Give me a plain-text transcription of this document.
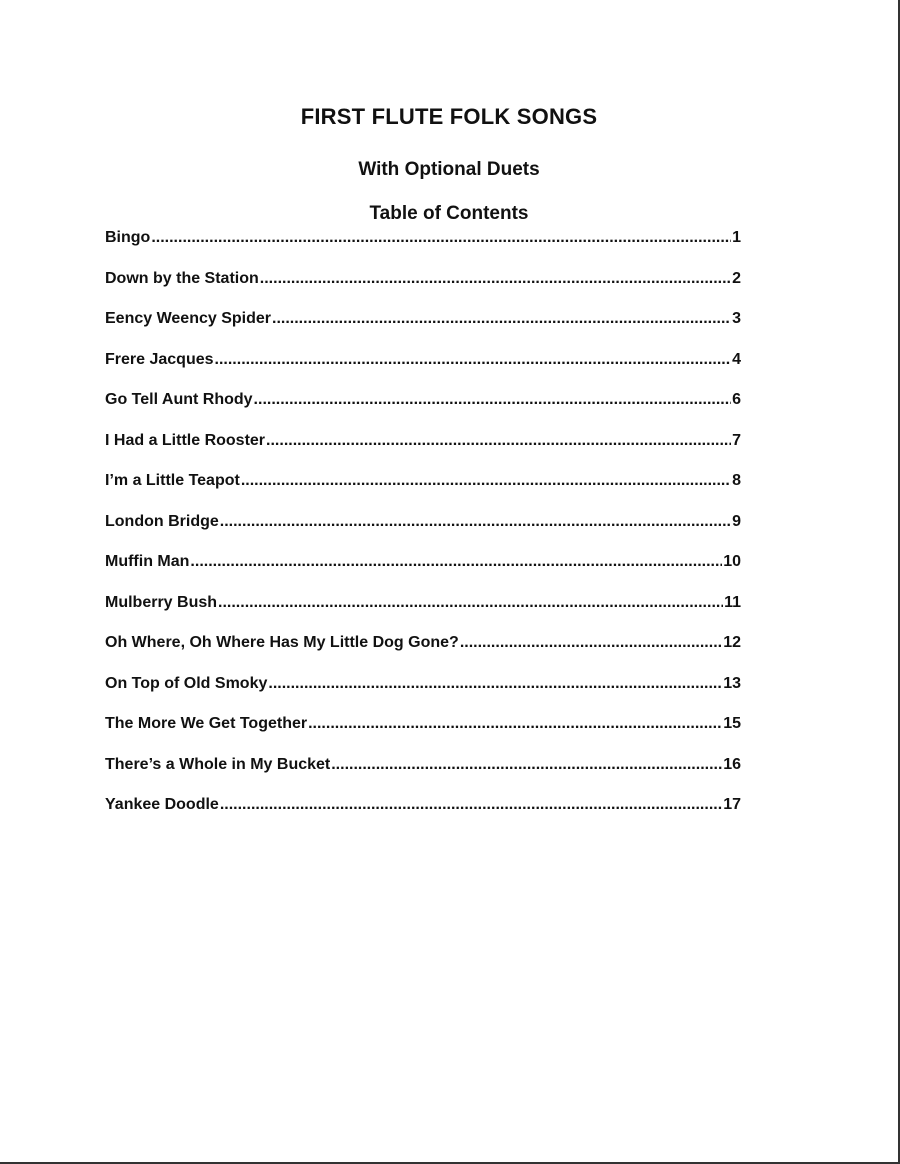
FIRST FLUTE FOLK SONGS
With Optional Duets
Table of Contents
Bingo .....	1
Down by the Station .....	2
Eency Weency Spider .....	3
Frere Jacques .....	4
Go Tell Aunt Rhody .....	6
I Had a Little Rooster .....	7
I’m a Little Teapot .....	8
London Bridge .....	9
Muffin Man .....	10
Mulberry Bush .....	11
Oh Where, Oh Where Has My Little Dog Gone? .....	12
On Top of Old Smoky .....	13
The More We Get Together .....	15
There’s a Whole in My Bucket .....	16
Yankee Doodle .....	17
